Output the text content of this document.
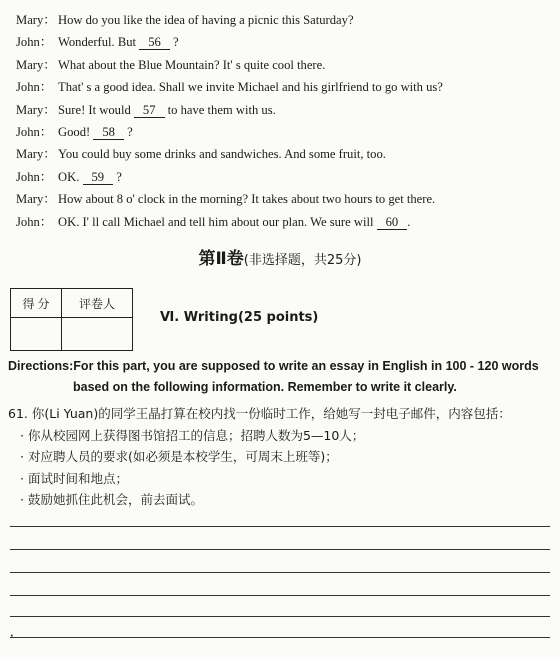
Mary： How do you like the idea of having a picnic this Saturday?
John： Wonderful. But 56 ?
Mary： What about the Blue Mountain? It' s quite cool there.
John： That' s a good idea. Shall we invite Michael and his girlfriend to go with us?
Mary： Sure! It would 57 to have them with us.
John： Good! 58 ?
Mary： You could buy some drinks and sandwiches. And some fruit, too.
John： OK. 59 ?
Mary： How about 8 o' clock in the morning? It takes about two hours to get there.
John： OK. I' ll call Michael and tell him about our plan. We sure will 60 .
第Ⅱ卷(非选择题，共25分)
得 分	评卷人

Ⅵ. Writing(25 points)
Directions:For this part, you are supposed to write an essay in English in 100 - 120 words
based on the following information. Remember to write it clearly.
61. 你(Li Yuan)的同学王晶打算在校内找一份临时工作，给她写一封电子邮件，内容包括：
· 你从校园网上获得图书馆招工的信息；招聘人数为5—10人；
· 对应聘人员的要求(如必须是本校学生，可周末上班等)；
· 面试时间和地点；
· 鼓励她抓住此机会，前去面试。
,
